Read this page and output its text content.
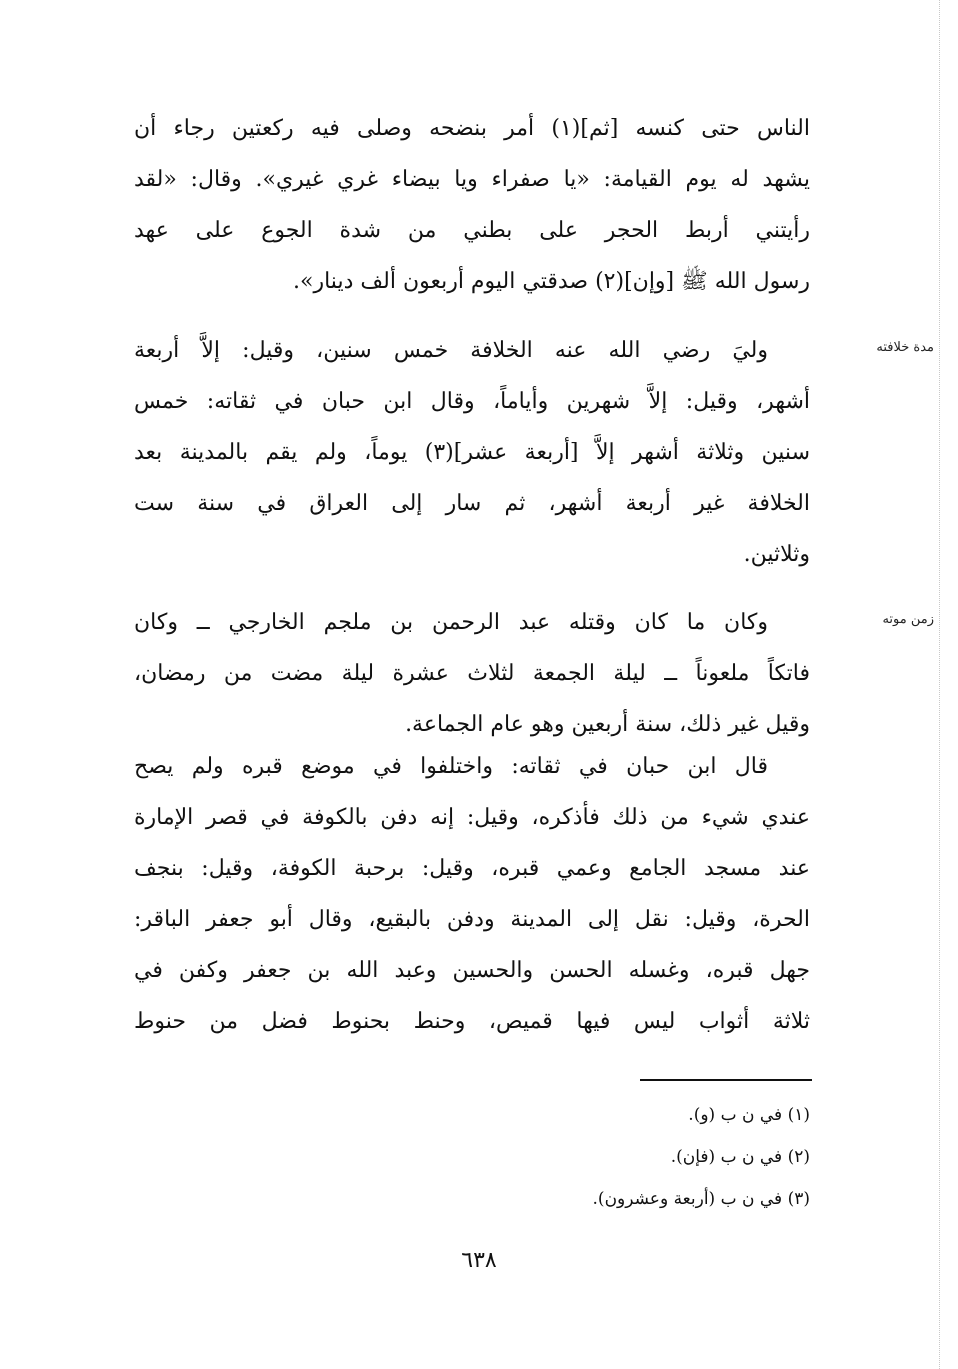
الناس حتى كنسه [ثم](١) أمر بنضحه وصلى فيه ركعتين رجاء أن
يشهد له يوم القيامة: «يا صفراء ويا بيضاء غري غيري». وقال: «لقد
رأيتني أربط الحجر على بطني من شدة الجوع على عهد
رسول الله ﷺ [وإن](٢) صدقتي اليوم أربعون ألف دينار».
مدة خلافته
وليَ رضي الله عنه الخلافة خمس سنين، وقيل: إلاَّ أربعة
أشهر، وقيل: إلاَّ شهرين وأياماً، وقال ابن حبان في ثقاته: خمس
سنين وثلاثة أشهر إلاَّ [أربعة عشر](٣) يوماً، ولم يقم بالمدينة بعد
الخلافة غير أربعة أشهر، ثم سار إلى العراق في سنة ست
وثلاثين.
زمن موته
وكان ما كان وقتله عبد الرحمن بن ملجم الخارجي ــ وكان
فاتكاً ملعوناً ــ ليلة الجمعة لثلاث عشرة ليلة مضت من رمضان،
وقيل غير ذلك، سنة أربعين وهو عام الجماعة.
قال ابن حبان في ثقاته: واختلفوا في موضع قبره ولم يصح
عندي شيء من ذلك فأذكره، وقيل: إنه دفن بالكوفة في قصر الإمارة
عند مسجد الجامع وعمي قبره، وقيل: برحبة الكوفة، وقيل: بنجف
الحرة، وقيل: نقل إلى المدينة ودفن بالبقيع، وقال أبو جعفر الباقر:
جهل قبره، وغسله الحسن والحسين وعبد الله بن جعفر وكفن في
ثلاثة أثواب ليس فيها قميص، وحنط بحنوط فضل من حنوط
(١) في ن ب (و).
(٢) في ن ب (فإن).
(٣) في ن ب (أربعة وعشرون).
٦٣٨
